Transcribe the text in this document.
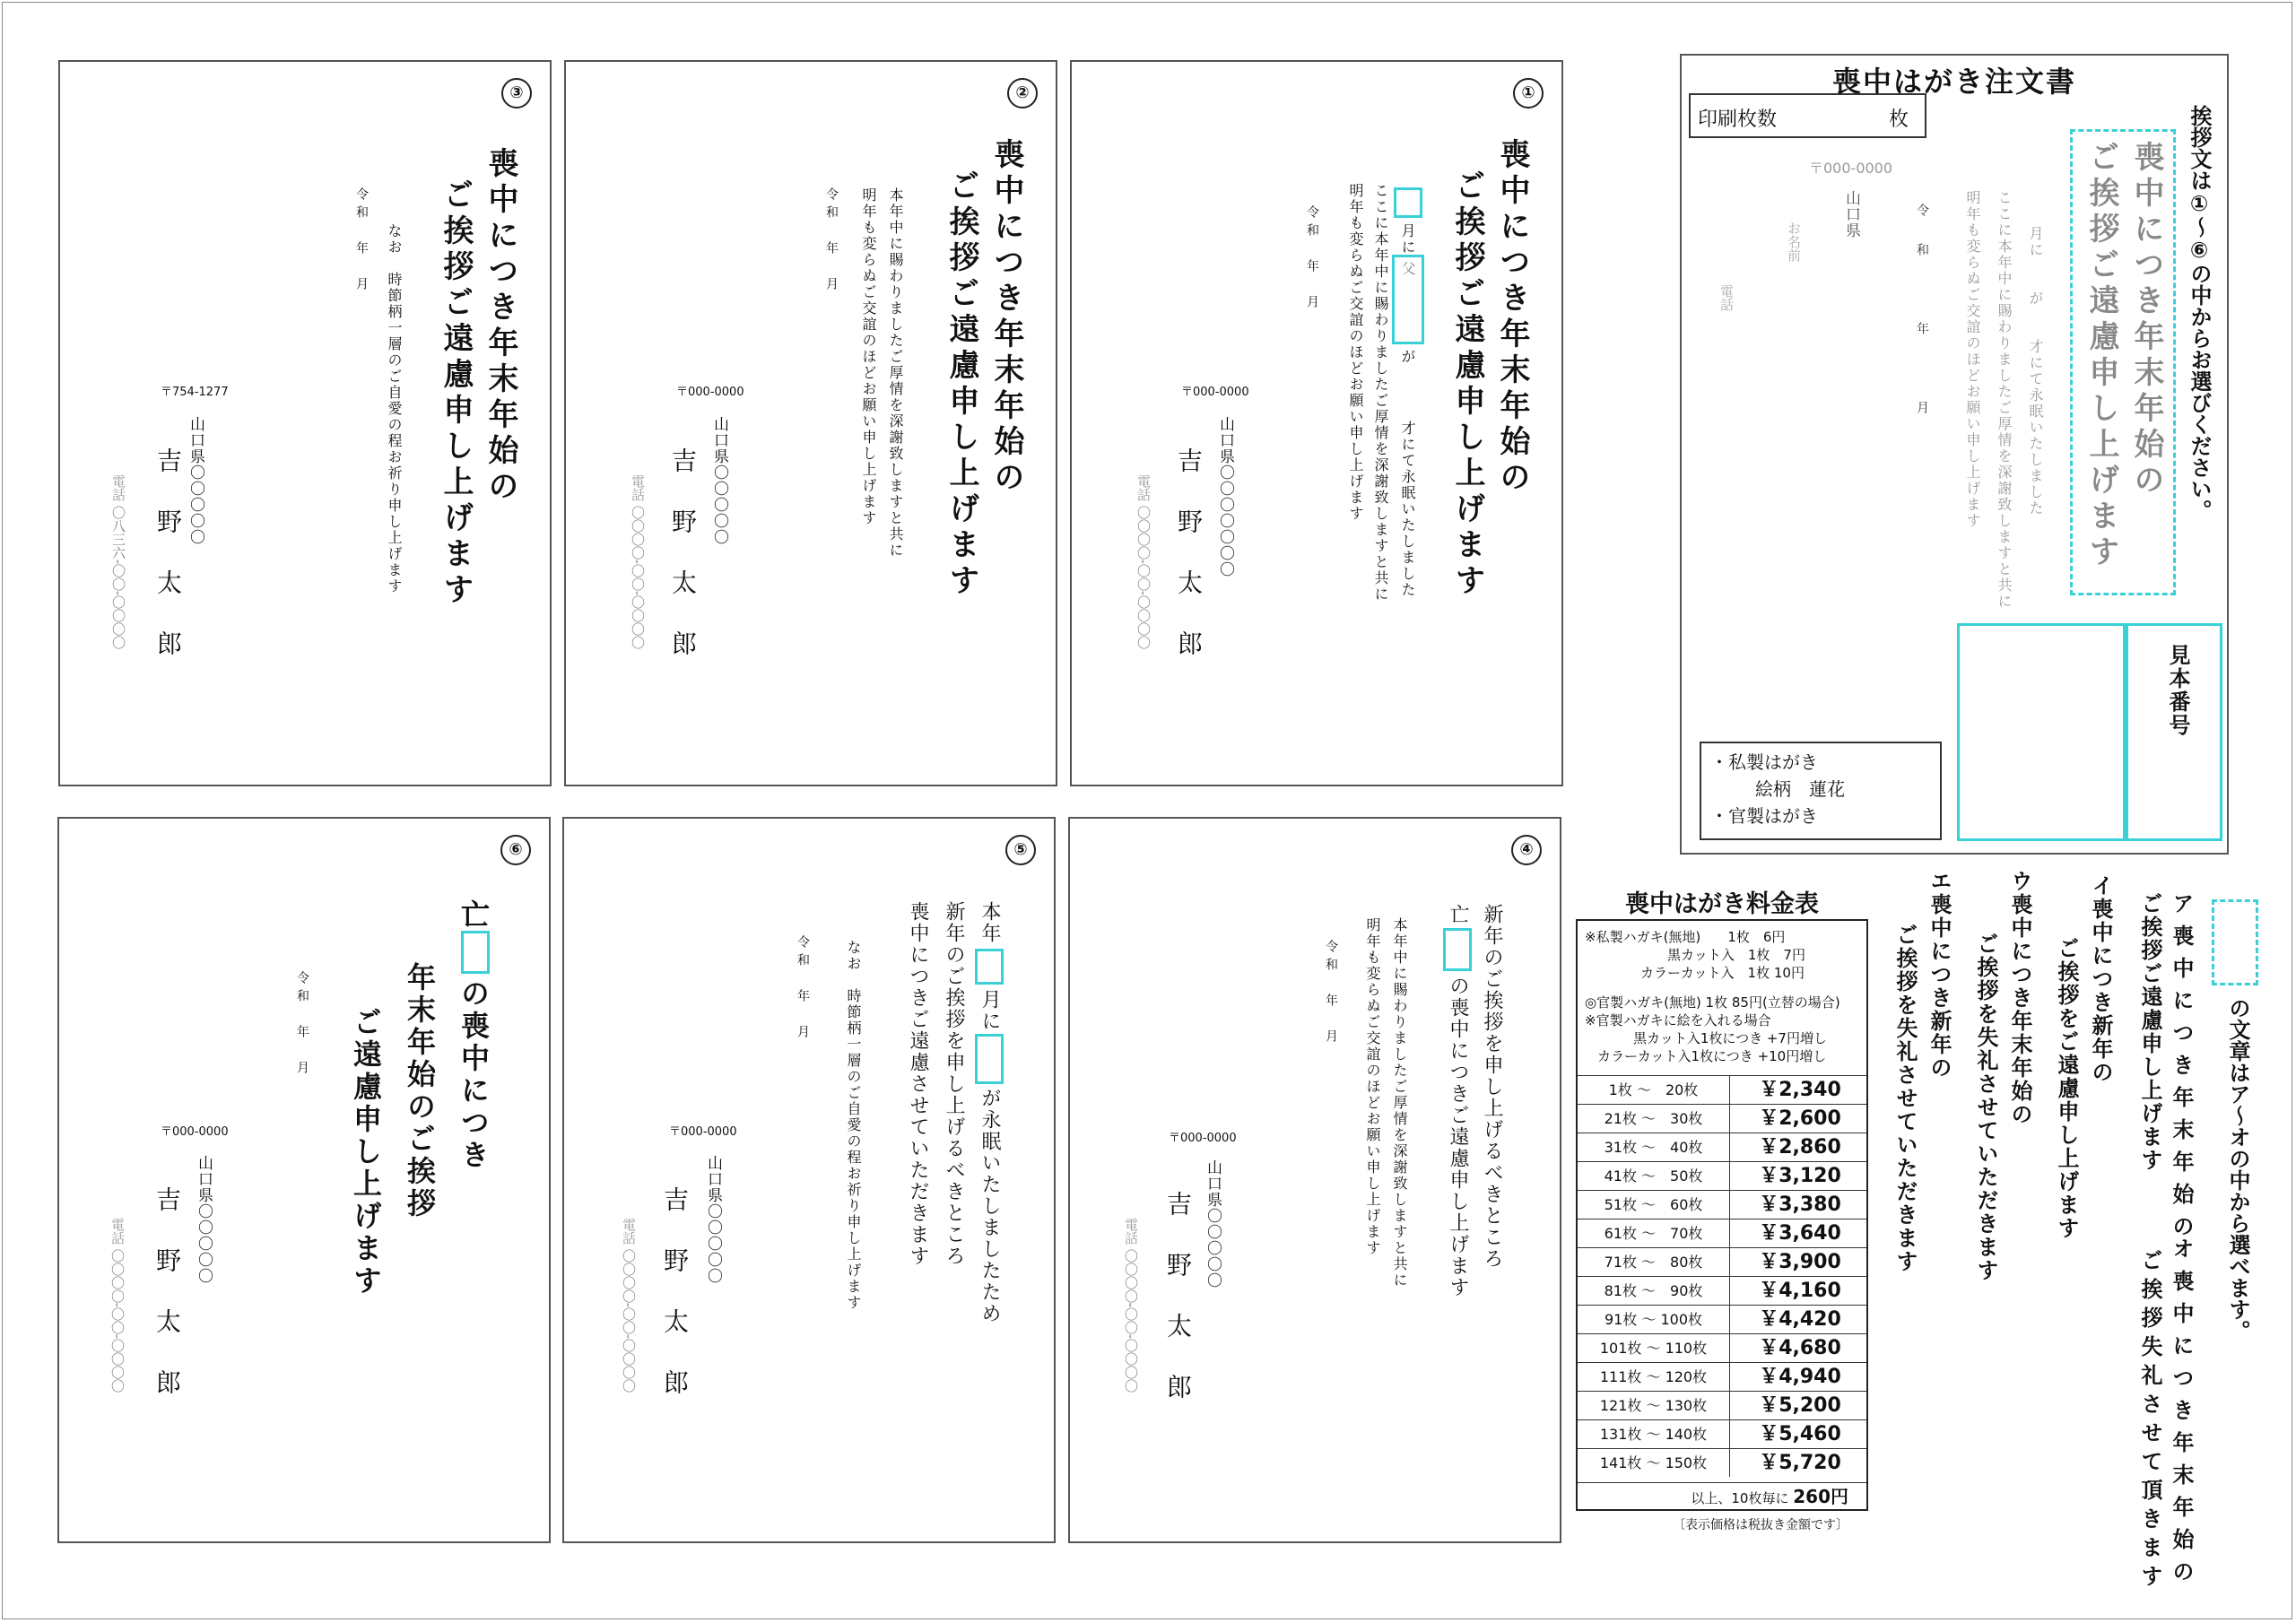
③
喪中につき年末年始の
ご挨拶ご遠慮申し上げます
なお　時節柄一層のご自愛の程お祈り申し上げます
令和　年　月
〒754-1277
山口県〇〇〇〇〇
吉野太郎
電話 〇八三六-〇〇-〇〇〇〇
②
喪中につき年末年始の
ご挨拶ご遠慮申し上げます
本年中に賜わりましたご厚情を深謝致しますと共に
明年も変らぬご交誼のほどお願い申し上げます
令和　年　月
〒000-0000
山口県〇〇〇〇〇
吉野太郎
電話 〇〇〇〇-〇〇-〇〇〇〇
①
喪中につき年末年始の
ご挨拶ご遠慮申し上げます
月に
父
が
才にて永眠いたしました
ここに本年中に賜わりましたご厚情を深謝致しますと共に
明年も変らぬご交誼のほどお願い申し上げます
令和　年　月
〒000-0000
山口県〇〇〇〇〇〇〇
吉野太郎
電話 〇〇〇〇-〇〇-〇〇〇〇
⑥
亡
の喪中につき
年末年始のご挨拶
ご遠慮申し上げます
令和　年　月
〒000-0000
山口県〇〇〇〇〇
吉野太郎
電話 〇〇〇〇-〇〇-〇〇〇〇
⑤
本年
月に
が永眠いたしましたため
新年のご挨拶を申し上げるべきところ
喪中につきご遠慮させていただきます
なお　時節柄一層のご自愛の程お祈り申し上げます
令和　年　月
〒000-0000
山口県〇〇〇〇〇
吉野太郎
電話 〇〇〇〇-〇〇-〇〇〇〇
④
新年のご挨拶を申し上げるべきところ
亡
の喪中につきご遠慮申し上げます
本年中に賜わりましたご厚情を深謝致しますと共に
明年も変らぬご交誼のほどお願い申し上げます
令和　年　月
〒000-0000
山口県〇〇〇〇〇
吉野太郎
電話 〇〇〇〇-〇〇-〇〇〇〇
喪中はがき注文書
印刷枚数	枚
〒000-0000
山口県
お名前
電話	令和　年　月	月に　　が　　才にて永眠いたしました
ここに本年中に賜わりましたご厚情を深謝致しますと共に
明年も変らぬご交誼のほどお願い申し上げます	喪中につき年末年始の
ご挨拶ご遠慮申し上げます	挨拶文は①～⑥の中からお選びください。
見本番号
・私製はがき
絵柄　蓮花
・官製はがき
の文章はア～オの中から選べます。
ア喪中につき年末年始の
ご挨拶ご遠慮申し上げます
オ喪中につき年末年始の
ご挨拶失礼させて頂きます
イ喪中につき新年の
ご挨拶をご遠慮申し上げます
ウ喪中につき年末年始の
ご挨拶を失礼させていただきます
エ喪中につき新年の
ご挨拶を失礼させていただきます
喪中はがき料金表
※私製ハガキ(無地)　　1枚　6円
黒カット入　1枚　7円
カラーカット入　1枚 10円
◎官製ハガキ(無地) 1枚 85円(立替の場合)
※官製ハガキに絵を入れる場合
黒カット入1枚につき +7円増し
カラーカット入1枚につき +10円増し
1枚 ～　20枚	￥2,340
21枚 ～　30枚	￥2,600
31枚 ～　40枚	￥2,860
41枚 ～　50枚	￥3,120
51枚 ～　60枚	￥3,380
61枚 ～　70枚	￥3,640
71枚 ～　80枚	￥3,900
81枚 ～　90枚	￥4,160
91枚 ～ 100枚	￥4,420
101枚 ～ 110枚	￥4,680
111枚 ～ 120枚	￥4,940
121枚 ～ 130枚	￥5,200
131枚 ～ 140枚	￥5,460
141枚 ～ 150枚	￥5,720
以上、10枚毎に 260円
〔表示価格は税抜き金額です〕
